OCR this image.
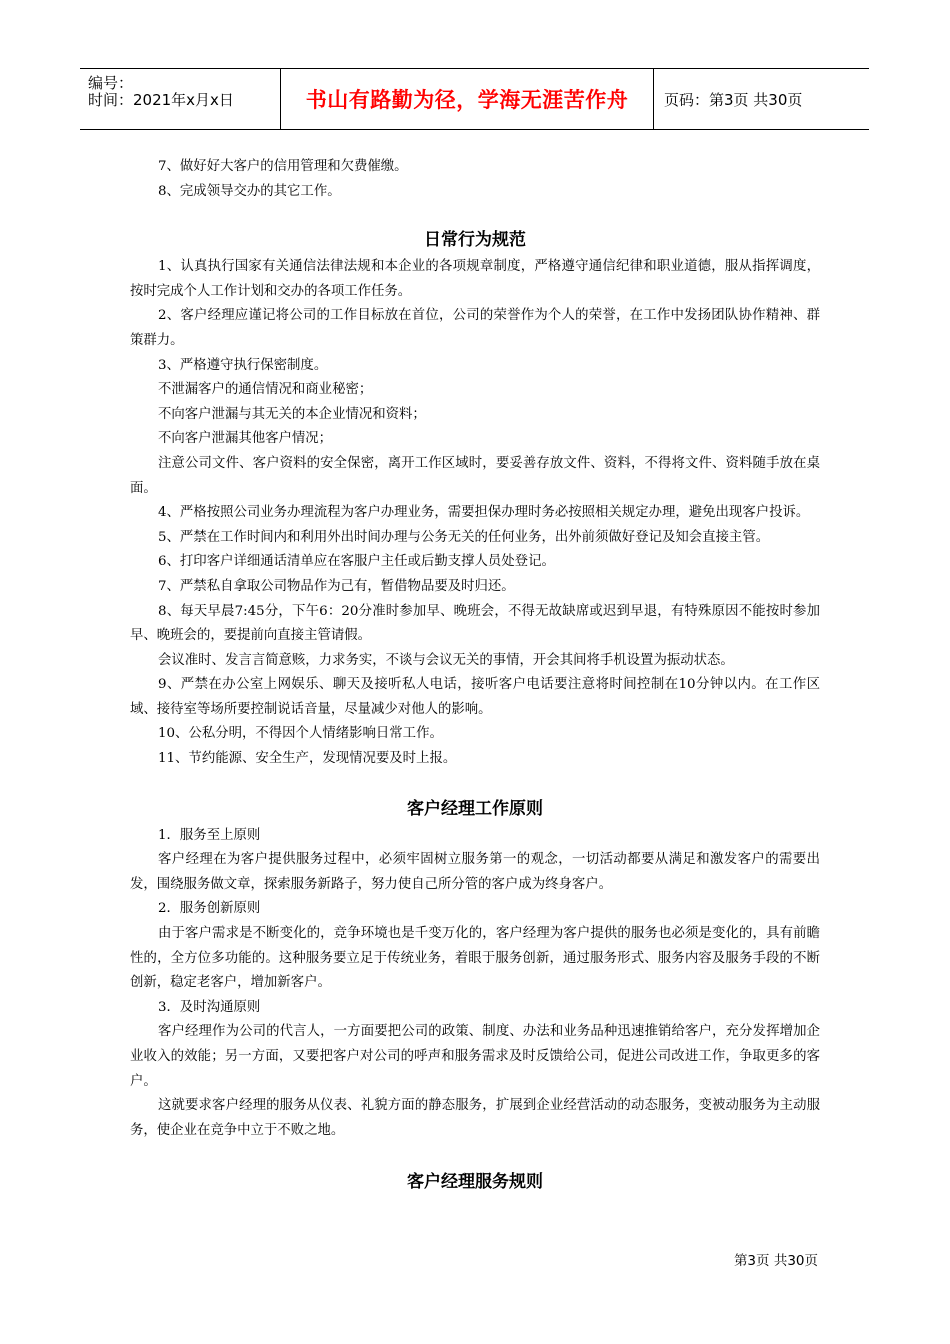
编号：
时间：2021年x月x日	书山有路勤为径，学海无涯苦作舟 页码：第3页 共30页

7、做好好大客户的信用管理和欠费催缴。

8、完成领导交办的其它工作。

日常行为规范

1、认真执行国家有关通信法律法规和本企业的各项规章制度，严格遵守通信纪律和职业道德，服从指挥调度，按时完成个人工作计划和交办的各项工作任务。

2、客户经理应谨记将公司的工作目标放在首位，公司的荣誉作为个人的荣誉，在工作中发扬团队协作精神、群策群力。

3、严格遵守执行保密制度。

不泄漏客户的通信情况和商业秘密；

不向客户泄漏与其无关的本企业情况和资料；

不向客户泄漏其他客户情况；

注意公司文件、客户资料的安全保密，离开工作区域时，要妥善存放文件、资料，不得将文件、资料随手放在桌面。

4、严格按照公司业务办理流程为客户办理业务，需要担保办理时务必按照相关规定办理，避免出现客户投诉。

5、严禁在工作时间内和利用外出时间办理与公务无关的任何业务，出外前须做好登记及知会直接主管。

6、打印客户详细通话清单应在客服户主任或后勤支撑人员处登记。

7、严禁私自拿取公司物品作为己有，暂借物品要及时归还。

8、每天早晨7:45分，下午6：20分准时参加早、晚班会，不得无故缺席或迟到早退，有特殊原因不能按时参加早、晚班会的，要提前向直接主管请假。

会议准时、发言言简意赅，力求务实，不谈与会议无关的事情，开会其间将手机设置为振动状态。

9、严禁在办公室上网娱乐、聊天及接听私人电话，接听客户电话要注意将时间控制在10分钟以内。在工作区域、接待室等场所要控制说话音量，尽量减少对他人的影响。

10、公私分明，不得因个人情绪影响日常工作。

11、节约能源、安全生产，发现情况要及时上报。

客户经理工作原则

1．服务至上原则

客户经理在为客户提供服务过程中，必须牢固树立服务第一的观念，一切活动都要从满足和激发客户的需要出发，围绕服务做文章，探索服务新路子，努力使自己所分管的客户成为终身客户。

2．服务创新原则

由于客户需求是不断变化的，竞争环境也是千变万化的，客户经理为客户提供的服务也必须是变化的，具有前瞻性的，全方位多功能的。这种服务要立足于传统业务，着眼于服务创新，通过服务形式、服务内容及服务手段的不断创新，稳定老客户，增加新客户。

3．及时沟通原则

客户经理作为公司的代言人，一方面要把公司的政策、制度、办法和业务品种迅速推销给客户，充分发挥增加企业收入的效能；另一方面，又要把客户对公司的呼声和服务需求及时反馈给公司，促进公司改进工作，争取更多的客户。

这就要求客户经理的服务从仪表、礼貌方面的静态服务，扩展到企业经营活动的动态服务，变被动服务为主动服务，使企业在竞争中立于不败之地。

客户经理服务规则
第3页 共30页
